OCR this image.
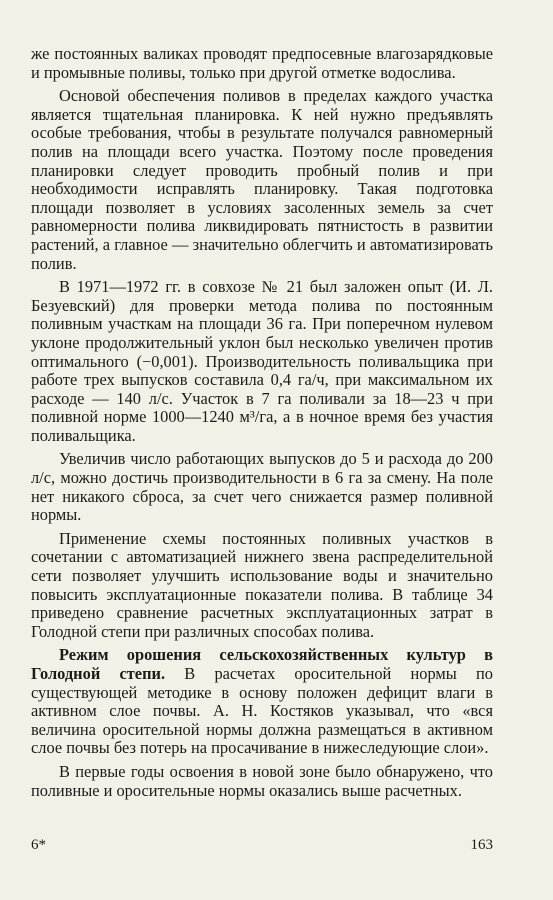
же постоянных валиках проводят предпосевные влагозарядковые и промывные поливы, только при другой отметке водослива.

Основой обеспечения поливов в пределах каждого участка является тщательная планировка. К ней нужно предъявлять особые требования, чтобы в результате получался равномерный полив на площади всего участка. Поэтому после проведения планировки следует проводить пробный полив и при необходимости исправлять планировку. Такая подготовка площади позволяет в условиях засоленных земель за счет равномерности полива ликвидировать пятнистость в развитии растений, а главное — значительно облегчить и автоматизировать полив.

В 1971—1972 гг. в совхозе № 21 был заложен опыт (И. Л. Безуевский) для проверки метода полива по постоянным поливным участкам на площади 36 га. При поперечном нулевом уклоне продолжительный уклон был несколько увеличен против оптимального (−0,001). Производительность поливальщика при работе трех выпусков составила 0,4 га/ч, при максимальном их расходе — 140 л/с. Участок в 7 га поливали за 18—23 ч при поливной норме 1000—1240 м³/га, а в ночное время без участия поливальщика.

Увеличив число работающих выпусков до 5 и расхода до 200 л/с, можно достичь производительности в 6 га за смену. На поле нет никакого сброса, за счет чего снижается размер поливной нормы.

Применение схемы постоянных поливных участков в сочетании с автоматизацией нижнего звена распределительной сети позволяет улучшить использование воды и значительно повысить эксплуатационные показатели полива. В таблице 34 приведено сравнение расчетных эксплуатационных затрат в Голодной степи при различных способах полива.

Режим орошения сельскохозяйственных культур в Голодной степи. В расчетах оросительной нормы по существующей методике в основу положен дефицит влаги в активном слое почвы. А. Н. Костяков указывал, что «вся величина оросительной нормы должна размещаться в активном слое почвы без потерь на просачивание в нижеследующие слои».

В первые годы освоения в новой зоне было обнаружено, что поливные и оросительные нормы оказались выше расчетных.

6*	163
